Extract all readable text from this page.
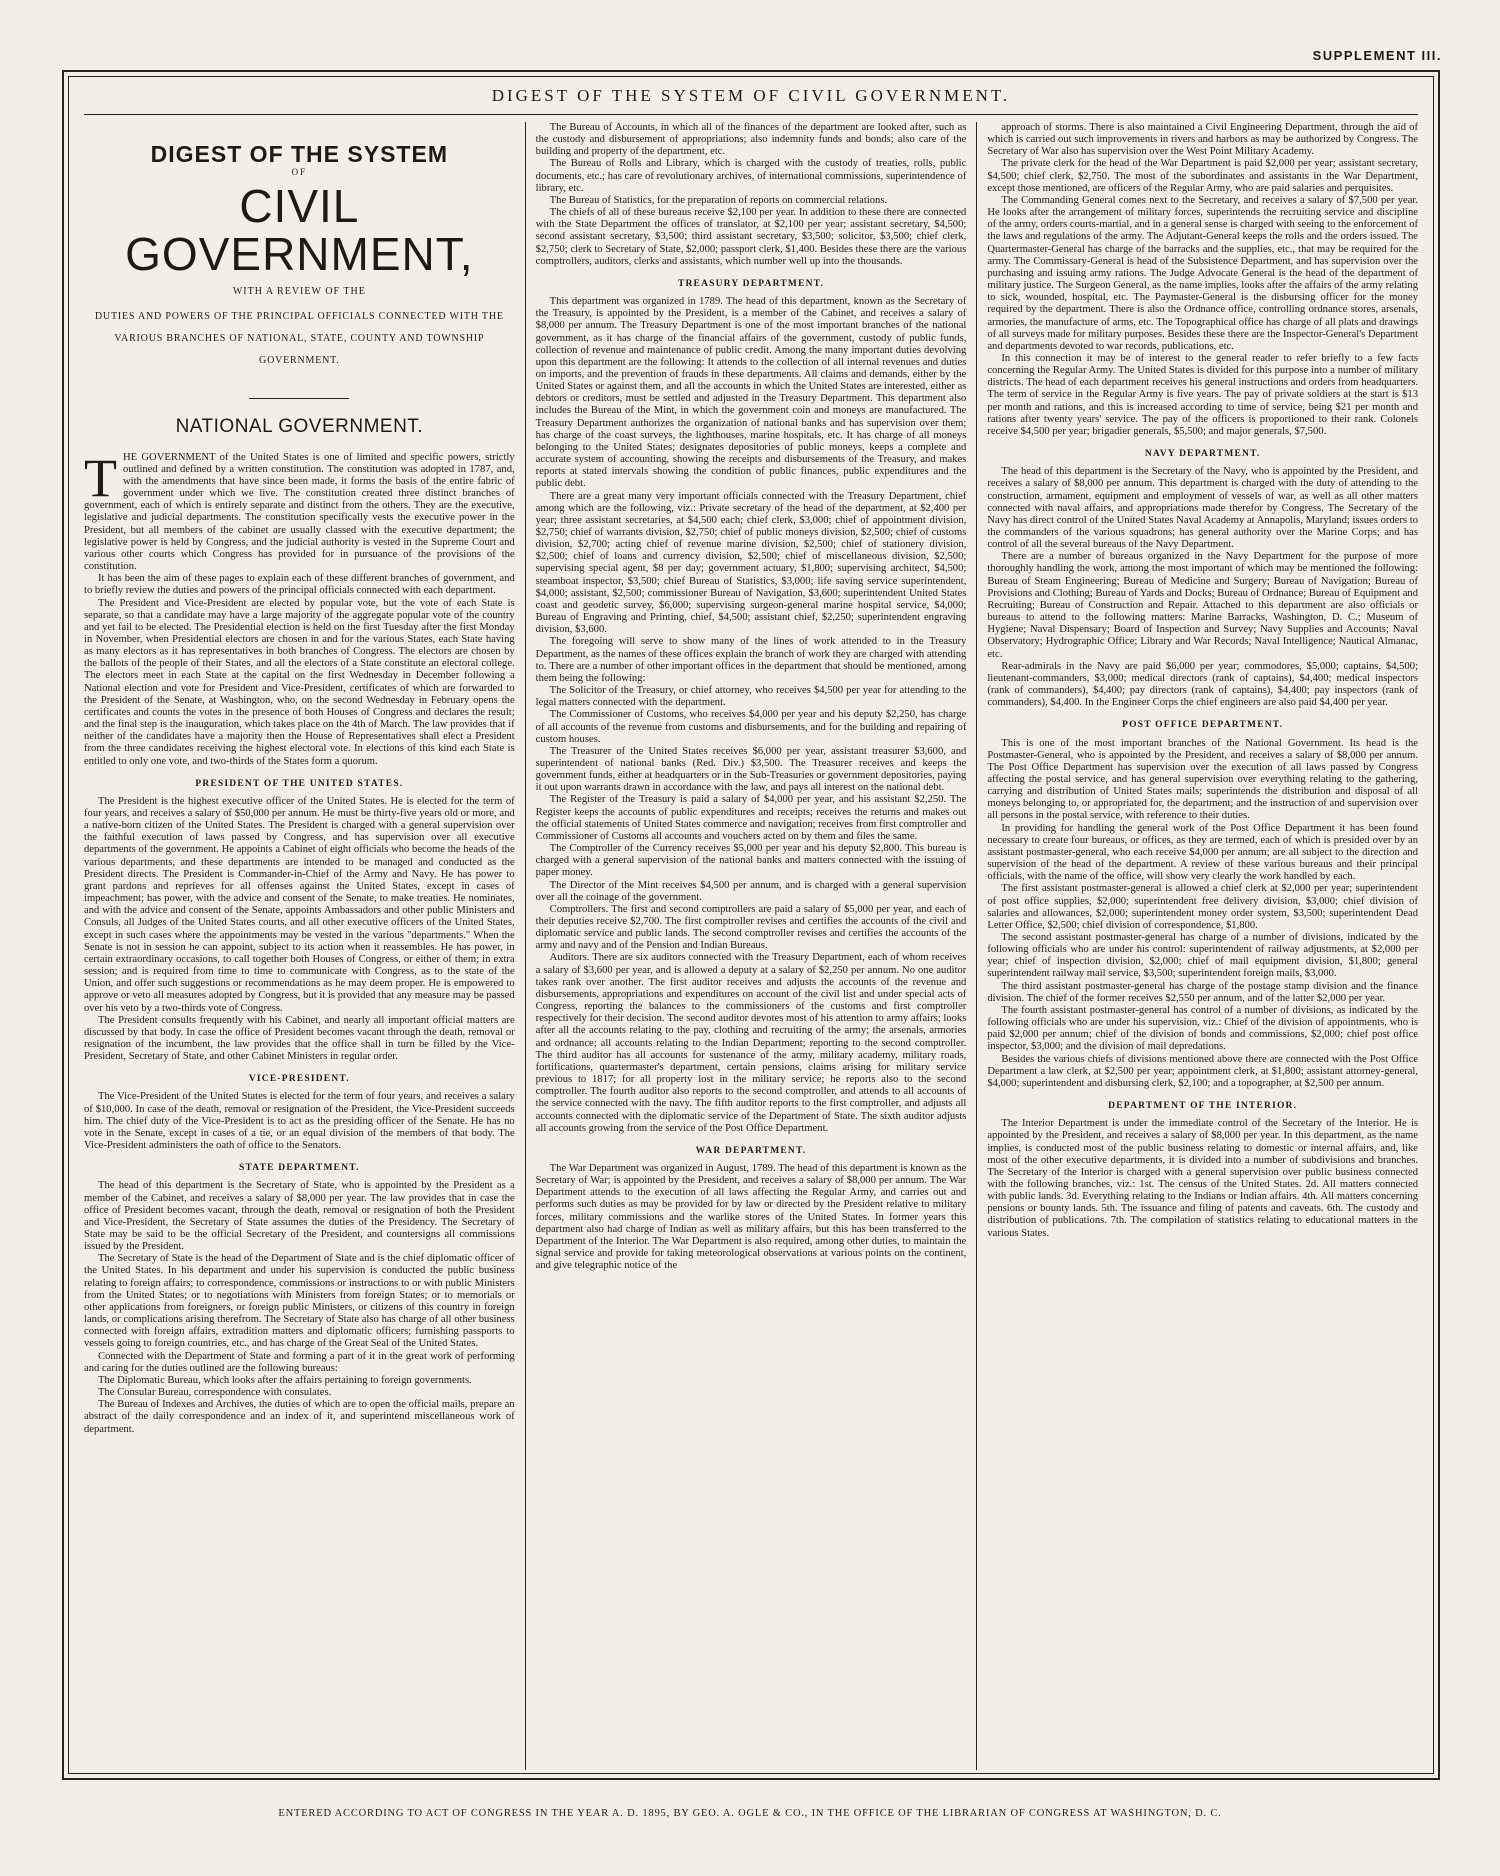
SUPPLEMENT III.
DIGEST OF THE SYSTEM OF CIVIL GOVERNMENT.
DIGEST OF THE SYSTEM
OF
CIVIL GOVERNMENT,
WITH A REVIEW OF THE
DUTIES AND POWERS OF THE PRINCIPAL OFFICIALS CONNECTED WITH THE VARIOUS BRANCHES OF NATIONAL, STATE, COUNTY AND TOWNSHIP GOVERNMENT.
NATIONAL GOVERNMENT.

THE GOVERNMENT of the United States is one of limited and specific powers, strictly outlined and defined by a written constitution. The constitution was adopted in 1787, and, with the amendments that have since been made, it forms the basis of the entire fabric of government under which we live. The constitution created three distinct branches of government, each of which is entirely separate and distinct from the others. They are the executive, legislative and judicial departments. The constitution specifically vests the executive power in the President, but all members of the cabinet are usually classed with the executive department; the legislative power is held by Congress, and the judicial authority is vested in the Supreme Court and various other courts which Congress has provided for in pursuance of the provisions of the constitution.

It has been the aim of these pages to explain each of these different branches of government, and to briefly review the duties and powers of the principal officials connected with each department.

The President and Vice-President are elected by popular vote, but the vote of each State is separate, so that a candidate may have a large majority of the aggregate popular vote of the country and yet fail to be elected. The Presidential election is held on the first Tuesday after the first Monday in November, when Presidential electors are chosen in and for the various States, each State having as many electors as it has representatives in both branches of Congress. The electors are chosen by the ballots of the people of their States, and all the electors of a State constitute an electoral college. The electors meet in each State at the capital on the first Wednesday in December following a National election and vote for President and Vice-President, certificates of which are forwarded to the President of the Senate, at Washington, who, on the second Wednesday in February opens the certificates and counts the votes in the presence of both Houses of Congress and declares the result; and the final step is the inauguration, which takes place on the 4th of March. The law provides that if neither of the candidates have a majority then the House of Representatives shall elect a President from the three candidates receiving the highest electoral vote. In elections of this kind each State is entitled to only one vote, and two-thirds of the States form a quorum.

PRESIDENT OF THE UNITED STATES.

The President is the highest executive officer of the United States. He is elected for the term of four years, and receives a salary of $50,000 per annum. He must be thirty-five years old or more, and a native-born citizen of the United States. The President is charged with a general supervision over the faithful execution of laws passed by Congress, and has supervision over all executive departments of the government. He appoints a Cabinet of eight officials who become the heads of the various departments, and these departments are intended to be managed and conducted as the President directs. The President is Commander-in-Chief of the Army and Navy. He has power to grant pardons and reprieves for all offenses against the United States, except in cases of impeachment; has power, with the advice and consent of the Senate, to make treaties. He nominates, and with the advice and consent of the Senate, appoints Ambassadors and other public Ministers and Consuls, all Judges of the United States courts, and all other executive officers of the United States, except in such cases where the appointments may be vested in the various "departments." When the Senate is not in session he can appoint, subject to its action when it reassembles. He has power, in certain extraordinary occasions, to call together both Houses of Congress, or either of them; in extra session; and is required from time to time to communicate with Congress, as to the state of the Union, and offer such suggestions or recommendations as he may deem proper. He is empowered to approve or veto all measures adopted by Congress, but it is provided that any measure may be passed over his veto by a two-thirds vote of Congress.

The President consults frequently with his Cabinet, and nearly all important official matters are discussed by that body. In case the office of President becomes vacant through the death, removal or resignation of the incumbent, the law provides that the office shall in turn be filled by the Vice-President, Secretary of State, and other Cabinet Ministers in regular order.

VICE-PRESIDENT.

The Vice-President of the United States is elected for the term of four years, and receives a salary of $10,000. In case of the death, removal or resignation of the President, the Vice-President succeeds him. The chief duty of the Vice-President is to act as the presiding officer of the Senate. He has no vote in the Senate, except in cases of a tie, or an equal division of the members of that body. The Vice-President administers the oath of office to the Senators.

STATE DEPARTMENT.

The head of this department is the Secretary of State, who is appointed by the President as a member of the Cabinet, and receives a salary of $8,000 per year. The law provides that in case the office of President becomes vacant, through the death, removal or resignation of both the President and Vice-President, the Secretary of State assumes the duties of the Presidency. The Secretary of State may be said to be the official Secretary of the President, and countersigns all commissions issued by the President.

The Secretary of State is the head of the Department of State and is the chief diplomatic officer of the United States. In his department and under his supervision is conducted the public business relating to foreign affairs; to correspondence, commissions or instructions to or with public Ministers from the United States; or to negotiations with Ministers from foreign States; or to memorials or other applications from foreigners, or foreign public Ministers, or citizens of this country in foreign lands, or complications arising therefrom. The Secretary of State also has charge of all other business connected with foreign affairs, extradition matters and diplomatic officers; furnishing passports to vessels going to foreign countries, etc., and has charge of the Great Seal of the United States.

Connected with the Department of State and forming a part of it in the great work of performing and caring for the duties outlined are the following bureaus:

The Diplomatic Bureau, which looks after the affairs pertaining to foreign governments.

The Consular Bureau, correspondence with consulates.

The Bureau of Indexes and Archives, the duties of which are to open the official mails, prepare an abstract of the daily correspondence and an index of it, and superintend miscellaneous work of department.

The Bureau of Accounts, in which all of the finances of the department are looked after, such as the custody and disbursement of appropriations; also indemnity funds and bonds; also care of the building and property of the department, etc.

The Bureau of Rolls and Library, which is charged with the custody of treaties, rolls, public documents, etc.; has care of revolutionary archives, of international commissions, superintendence of library, etc.

The Bureau of Statistics, for the preparation of reports on commercial relations.

The chiefs of all of these bureaus receive $2,100 per year. In addition to these there are connected with the State Department the offices of translator, at $2,100 per year; assistant secretary, $4,500; second assistant secretary, $3,500; third assistant secretary, $3,500; solicitor, $3,500; chief clerk, $2,750; clerk to Secretary of State, $2,000; passport clerk, $1,400. Besides these there are the various comptrollers, auditors, clerks and assistants, which number well up into the thousands.

TREASURY DEPARTMENT.

This department was organized in 1789. The head of this department, known as the Secretary of the Treasury, is appointed by the President, is a member of the Cabinet, and receives a salary of $8,000 per annum. The Treasury Department is one of the most important branches of the national government, as it has charge of the financial affairs of the government, custody of public funds, collection of revenue and maintenance of public credit. Among the many important duties devolving upon this department are the following: It attends to the collection of all internal revenues and duties on imports, and the prevention of frauds in these departments. All claims and demands, either by the United States or against them, and all the accounts in which the United States are interested, either as debtors or creditors, must be settled and adjusted in the Treasury Department. This department also includes the Bureau of the Mint, in which the government coin and moneys are manufactured. The Treasury Department authorizes the organization of national banks and has supervision over them; has charge of the coast surveys, the lighthouses, marine hospitals, etc. It has charge of all moneys belonging to the United States; designates depositories of public moneys, keeps a complete and accurate system of accounting, showing the receipts and disbursements of the Treasury, and makes reports at stated intervals showing the condition of public finances, public expenditures and the public debt.

There are a great many very important officials connected with the Treasury Department, chief among which are the following, viz.: Private secretary of the head of the department, at $2,400 per year; three assistant secretaries, at $4,500 each; chief clerk, $3,000; chief of appointment division, $2,750; chief of warrants division, $2,750; chief of public moneys division, $2,500; chief of customs division, $2,700; acting chief of revenue marine division, $2,500; chief of stationery division, $2,500; chief of loans and currency division, $2,500; chief of miscellaneous division, $2,500; supervising special agent, $8 per day; government actuary, $1,800; supervising architect, $4,500; steamboat inspector, $3,500; chief Bureau of Statistics, $3,000; life saving service superintendent, $4,000; assistant, $2,500; commissioner Bureau of Navigation, $3,600; superintendent United States coast and geodetic survey, $6,000; supervising surgeon-general marine hospital service, $4,000; Bureau of Engraving and Printing, chief, $4,500; assistant chief, $2,250; superintendent engraving division, $3,600.

The foregoing will serve to show many of the lines of work attended to in the Treasury Department, as the names of these offices explain the branch of work they are charged with attending to. There are a number of other important offices in the department that should be mentioned, among them being the following:

The Solicitor of the Treasury, or chief attorney, who receives $4,500 per year for attending to the legal matters connected with the department.

The Commissioner of Customs, who receives $4,000 per year and his deputy $2,250, has charge of all accounts of the revenue from customs and disbursements, and for the building and repairing of custom houses.

The Treasurer of the United States receives $6,000 per year, assistant treasurer $3,600, and superintendent of national banks (Red. Div.) $3,500. The Treasurer receives and keeps the government funds, either at headquarters or in the Sub-Treasuries or government depositories, paying it out upon warrants drawn in accordance with the law, and pays all interest on the national debt.

The Register of the Treasury is paid a salary of $4,000 per year, and his assistant $2,250. The Register keeps the accounts of public expenditures and receipts; receives the returns and makes out the official statements of United States commerce and navigation; receives from first comptroller and Commissioner of Customs all accounts and vouchers acted on by them and files the same.

The Comptroller of the Currency receives $5,000 per year and his deputy $2,800. This bureau is charged with a general supervision of the national banks and matters connected with the issuing of paper money.

The Director of the Mint receives $4,500 per annum, and is charged with a general supervision over all the coinage of the government.

Comptrollers. The first and second comptrollers are paid a salary of $5,000 per year, and each of their deputies receive $2,700. The first comptroller revises and certifies the accounts of the civil and diplomatic service and public lands. The second comptroller revises and certifies the accounts of the army and navy and of the Pension and Indian Bureaus.

Auditors. There are six auditors connected with the Treasury Department, each of whom receives a salary of $3,600 per year, and is allowed a deputy at a salary of $2,250 per annum. No one auditor takes rank over another. The first auditor receives and adjusts the accounts of the revenue and disbursements, appropriations and expenditures on account of the civil list and under special acts of Congress, reporting the balances to the commissioners of the customs and first comptroller respectively for their decision. The second auditor devotes most of his attention to army affairs; looks after all the accounts relating to the pay, clothing and recruiting of the army; the arsenals, armories and ordnance; all accounts relating to the Indian Department; reporting to the second comptroller. The third auditor has all accounts for sustenance of the army, military academy, military roads, fortifications, quartermaster's department, certain pensions, claims arising for military service previous to 1817; for all property lost in the military service; he reports also to the second comptroller. The fourth auditor also reports to the second comptroller, and attends to all accounts of the service connected with the navy. The fifth auditor reports to the first comptroller, and adjusts all accounts connected with the diplomatic service of the Department of State. The sixth auditor adjusts all accounts growing from the service of the Post Office Department.

WAR DEPARTMENT.

The War Department was organized in August, 1789. The head of this department is known as the Secretary of War; is appointed by the President, and receives a salary of $8,000 per annum. The War Department attends to the execution of all laws affecting the Regular Army, and carries out and performs such duties as may be provided for by law or directed by the President relative to military forces, military commissions and the warlike stores of the United States. In former years this department also had charge of Indian as well as military affairs, but this has been transferred to the Department of the Interior. The War Department is also required, among other duties, to maintain the signal service and provide for taking meteorological observations at various points on the continent, and give telegraphic notice of the

approach of storms. There is also maintained a Civil Engineering Department, through the aid of which is carried out such improvements in rivers and harbors as may be authorized by Congress. The Secretary of War also has supervision over the West Point Military Academy.

The private clerk for the head of the War Department is paid $2,000 per year; assistant secretary, $4,500; chief clerk, $2,750. The most of the subordinates and assistants in the War Department, except those mentioned, are officers of the Regular Army, who are paid salaries and perquisites.

The Commanding General comes next to the Secretary, and receives a salary of $7,500 per year. He looks after the arrangement of military forces, superintends the recruiting service and discipline of the army, orders courts-martial, and in a general sense is charged with seeing to the enforcement of the laws and regulations of the army. The Adjutant-General keeps the rolls and the orders issued. The Quartermaster-General has charge of the barracks and the supplies, etc., that may be required for the army. The Commissary-General is head of the Subsistence Department, and has supervision over the purchasing and issuing army rations. The Judge Advocate General is the head of the department of military justice. The Surgeon General, as the name implies, looks after the affairs of the army relating to sick, wounded, hospital, etc. The Paymaster-General is the disbursing officer for the money required by the department. There is also the Ordnance office, controlling ordnance stores, arsenals, armories, the manufacture of arms, etc. The Topographical office has charge of all plats and drawings of all surveys made for military purposes. Besides these there are the Inspector-General's Department and departments devoted to war records, publications, etc.

In this connection it may be of interest to the general reader to refer briefly to a few facts concerning the Regular Army. The United States is divided for this purpose into a number of military districts. The head of each department receives his general instructions and orders from headquarters. The term of service in the Regular Army is five years. The pay of private soldiers at the start is $13 per month and rations, and this is increased according to time of service, being $21 per month and rations after twenty years' service. The pay of the officers is proportioned to their rank. Colonels receive $4,500 per year; brigadier generals, $5,500; and major generals, $7,500.

NAVY DEPARTMENT.

The head of this department is the Secretary of the Navy, who is appointed by the President, and receives a salary of $8,000 per annum. This department is charged with the duty of attending to the construction, armament, equipment and employment of vessels of war, as well as all other matters connected with naval affairs, and appropriations made therefor by Congress. The Secretary of the Navy has direct control of the United States Naval Academy at Annapolis, Maryland; issues orders to the commanders of the various squadrons; has general authority over the Marine Corps; and has control of all the several bureaus of the Navy Department.

There are a number of bureaus organized in the Navy Department for the purpose of more thoroughly handling the work, among the most important of which may be mentioned the following: Bureau of Steam Engineering; Bureau of Medicine and Surgery; Bureau of Navigation; Bureau of Provisions and Clothing; Bureau of Yards and Docks; Bureau of Ordnance; Bureau of Equipment and Recruiting; Bureau of Construction and Repair. Attached to this department are also officials or bureaus to attend to the following matters: Marine Barracks, Washington, D. C.; Museum of Hygiene; Naval Dispensary; Board of Inspection and Survey; Navy Supplies and Accounts; Naval Observatory; Hydrographic Office; Library and War Records; Naval Intelligence; Nautical Almanac, etc.

Rear-admirals in the Navy are paid $6,000 per year; commodores, $5,000; captains, $4,500; lieutenant-commanders, $3,000; medical directors (rank of captains), $4,400; medical inspectors (rank of commanders), $4,400; pay directors (rank of captains), $4,400; pay inspectors (rank of commanders), $4,400. In the Engineer Corps the chief engineers are also paid $4,400 per year.

POST OFFICE DEPARTMENT.

This is one of the most important branches of the National Government. Its head is the Postmaster-General, who is appointed by the President, and receives a salary of $8,000 per annum. The Post Office Department has supervision over the execution of all laws passed by Congress affecting the postal service, and has general supervision over everything relating to the gathering, carrying and distribution of United States mails; superintends the distribution and disposal of all moneys belonging to, or appropriated for, the department; and the instruction of and supervision over all persons in the postal service, with reference to their duties.

In providing for handling the general work of the Post Office Department it has been found necessary to create four bureaus, or offices, as they are termed, each of which is presided over by an assistant postmaster-general, who each receive $4,000 per annum; are all subject to the direction and supervision of the head of the department. A review of these various bureaus and their principal officials, with the name of the office, will show very clearly the work handled by each.

The first assistant postmaster-general is allowed a chief clerk at $2,000 per year; superintendent of post office supplies, $2,000; superintendent free delivery division, $3,000; chief division of salaries and allowances, $2,000; superintendent money order system, $3,500; superintendent Dead Letter Office, $2,500; chief division of correspondence, $1,800.

The second assistant postmaster-general has charge of a number of divisions, indicated by the following officials who are under his control: superintendent of railway adjustments, at $2,000 per year; chief of inspection division, $2,000; chief of mail equipment division, $1,800; general superintendent railway mail service, $3,500; superintendent foreign mails, $3,000.

The third assistant postmaster-general has charge of the postage stamp division and the finance division. The chief of the former receives $2,550 per annum, and of the latter $2,000 per year.

The fourth assistant postmaster-general has control of a number of divisions, as indicated by the following officials who are under his supervision, viz.: Chief of the division of appointments, who is paid $2,000 per annum; chief of the division of bonds and commissions, $2,000; chief post office inspector, $3,000; and the division of mail depredations.

Besides the various chiefs of divisions mentioned above there are connected with the Post Office Department a law clerk, at $2,500 per year; appointment clerk, at $1,800; assistant attorney-general, $4,000; superintendent and disbursing clerk, $2,100; and a topographer, at $2,500 per annum.

DEPARTMENT OF THE INTERIOR.

The Interior Department is under the immediate control of the Secretary of the Interior. He is appointed by the President, and receives a salary of $8,000 per year. In this department, as the name implies, is conducted most of the public business relating to domestic or internal affairs, and, like most of the other executive departments, it is divided into a number of subdivisions and branches. The Secretary of the Interior is charged with a general supervision over public business connected with the following branches, viz.: 1st. The census of the United States. 2d. All matters connected with public lands. 3d. Everything relating to the Indians or Indian affairs. 4th. All matters concerning pensions or bounty lands. 5th. The issuance and filing of patents and caveats. 6th. The custody and distribution of publications. 7th. The compilation of statistics relating to educational matters in the various States.

ENTERED ACCORDING TO ACT OF CONGRESS IN THE YEAR A. D. 1895, BY GEO. A. OGLE & CO., IN THE OFFICE OF THE LIBRARIAN OF CONGRESS AT WASHINGTON, D. C.
